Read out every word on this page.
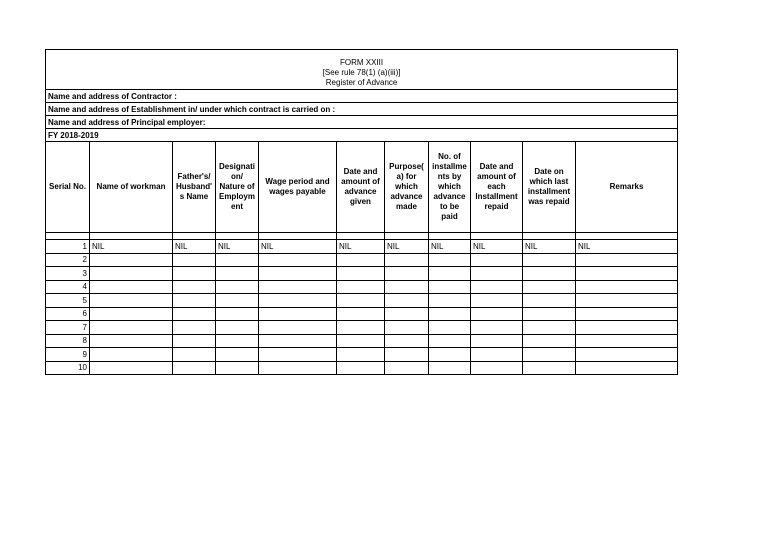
FORM XXIII
[See rule 78(1) (a)(iii)]
Register of Advance										

Name and address of Contractor :										
Name and address of Establishment in/ under which contract is carried on :										
Name and address of Principal employer:										
FY 2018-2019										
Serial No.	Name of workman	Father's/ Husband' s Name	Designati on/ Nature of Employm ent	Wage period and wages payable	Date and amount of advance given	Purpose( a) for which advance made	No. of installme nts by which advance to be paid	Date and amount of each Installment repaid	Date on which last installment was repaid	Remarks

1	NIL	NIL	NIL	NIL	NIL	NIL	NIL	NIL	NIL	NIL
2										
3										
4										
5										
6										
7										
8										
9										
10										
